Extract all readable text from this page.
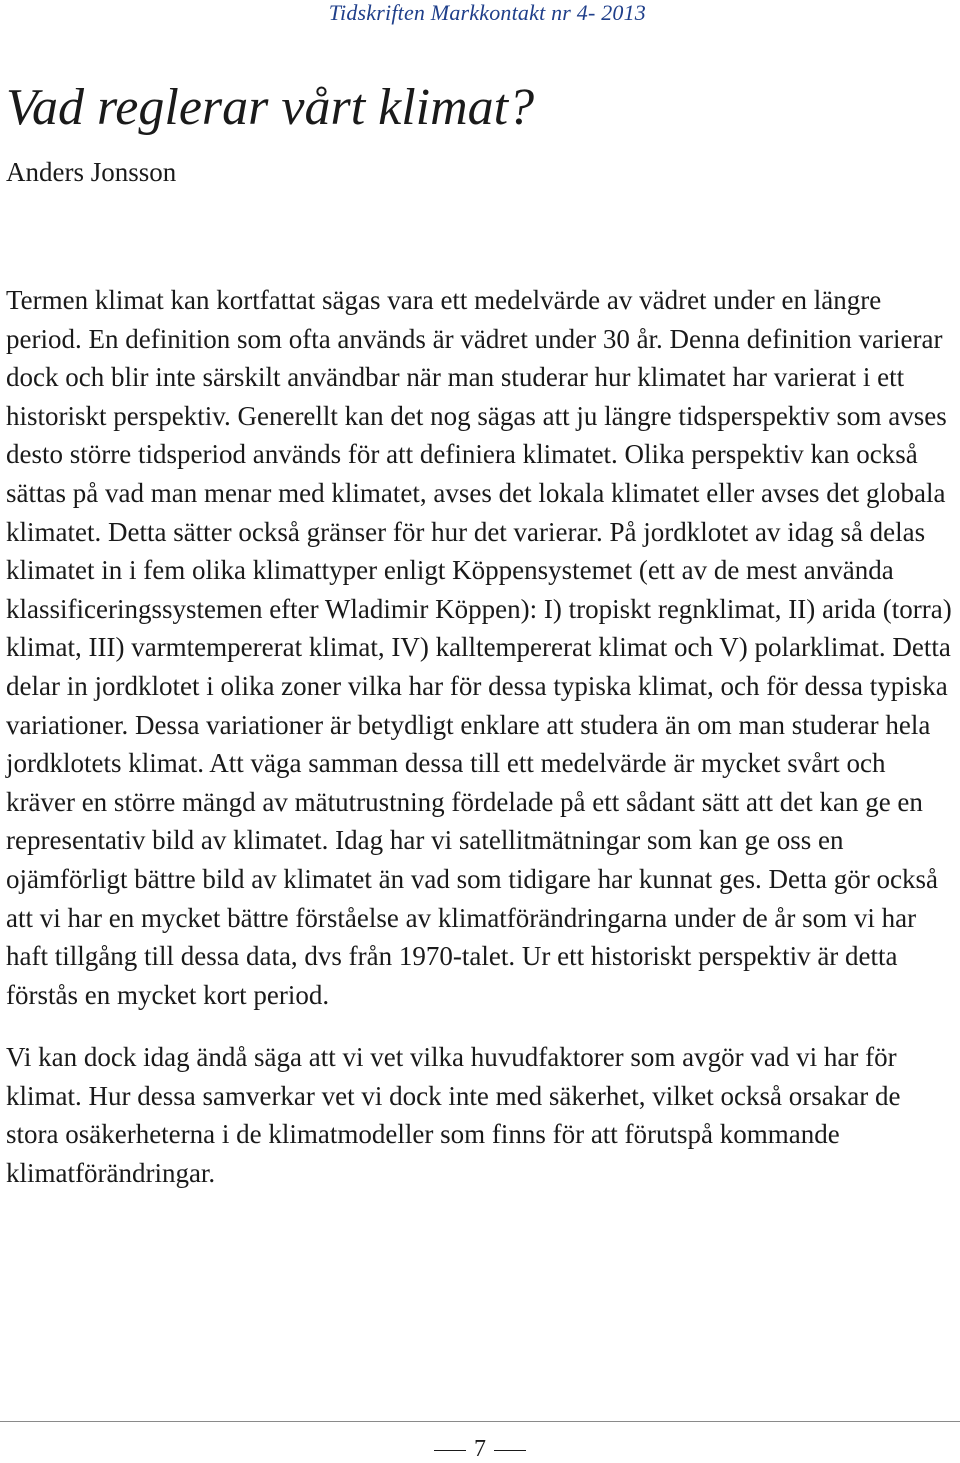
Tidskriften Markkontakt nr 4- 2013
Vad reglerar vårt klimat?
Anders Jonsson

Termen klimat kan kortfattat sägas vara ett medelvärde av vädret under en längre period. En definition som ofta används är vädret under 30 år. Denna definition varierar dock och blir inte särskilt användbar när man studerar hur klimatet har varierat i ett historiskt perspektiv. Generellt kan det nog sägas att ju längre tidsperspektiv som avses desto större tidsperiod används för att definiera klimatet. Olika perspektiv kan också sättas på vad man menar med klimatet, avses det lokala klimatet eller avses det globala klimatet. Detta sätter också gränser för hur det varierar. På jordklotet av idag så delas klimatet in i fem olika klimattyper enligt Köppensystemet (ett av de mest använda klassificeringssystemen efter Wladimir Köppen): I) tropiskt regnklimat, II) arida (torra) klimat, III) varmtempererat klimat, IV) kalltempererat klimat och V) polarklimat. Detta delar in jordklotet i olika zoner vilka har för dessa typiska klimat, och för dessa typiska variationer. Dessa variationer är betydligt enklare att studera än om man studerar hela jordklotets klimat. Att väga samman dessa till ett medelvärde är mycket svårt och kräver en större mängd av mätutrustning fördelade på ett sådant sätt att det kan ge en representativ bild av klimatet. Idag har vi satellitmätningar som kan ge oss en ojämförligt bättre bild av klimatet än vad som tidigare har kunnat ges. Detta gör också att vi har en mycket bättre förståelse av klimatförändringarna under de år som vi har haft tillgång till dessa data, dvs från 1970-talet. Ur ett historiskt perspektiv är detta förstås en mycket kort period.

Vi kan dock idag ändå säga att vi vet vilka huvudfaktorer som avgör vad vi har för klimat. Hur dessa samverkar vet vi dock inte med säkerhet, vilket också orsakar de stora osäkerheterna i de klimatmodeller som finns för att förutspå kommande klimatförändringar.

7
